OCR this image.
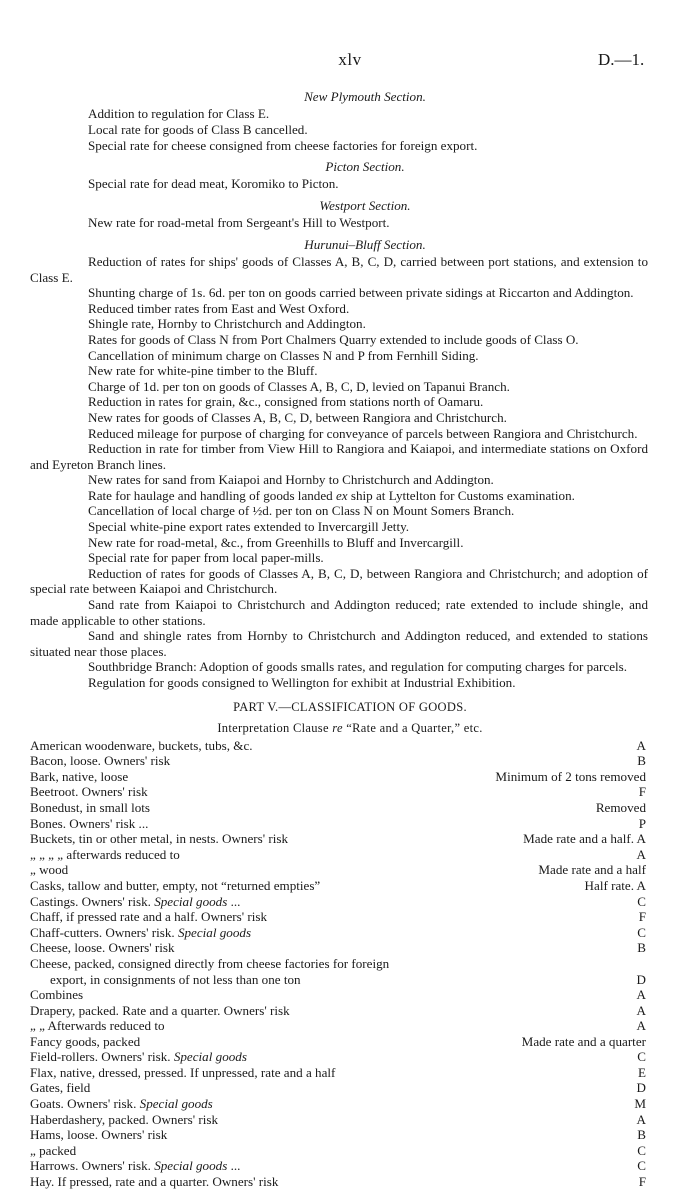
xlv	D.—1.
New Plymouth Section.
Addition to regulation for Class E.
Local rate for goods of Class B cancelled.
Special rate for cheese consigned from cheese factories for foreign export.
Picton Section.
Special rate for dead meat, Koromiko to Picton.
Westport Section.
New rate for road-metal from Sergeant's Hill to Westport.
Hurunui–Bluff Section.
Reduction of rates for ships' goods of Classes A, B, C, D, carried between port stations, and extension to Class E.
Shunting charge of 1s. 6d. per ton on goods carried between private sidings at Riccarton and Addington.
Reduced timber rates from East and West Oxford.
Shingle rate, Hornby to Christchurch and Addington.
Rates for goods of Class N from Port Chalmers Quarry extended to include goods of Class O.
Cancellation of minimum charge on Classes N and P from Fernhill Siding.
New rate for white-pine timber to the Bluff.
Charge of 1d. per ton on goods of Classes A, B, C, D, levied on Tapanui Branch.
Reduction in rates for grain, &c., consigned from stations north of Oamaru.
New rates for goods of Classes A, B, C, D, between Rangiora and Christchurch.
Reduced mileage for purpose of charging for conveyance of parcels between Rangiora and Christchurch.
Reduction in rate for timber from View Hill to Rangiora and Kaiapoi, and intermediate stations on Oxford and Eyreton Branch lines.
New rates for sand from Kaiapoi and Hornby to Christchurch and Addington.
Rate for haulage and handling of goods landed ex ship at Lyttelton for Customs examination.
Cancellation of local charge of ½d. per ton on Class N on Mount Somers Branch.
Special white-pine export rates extended to Invercargill Jetty.
New rate for road-metal, &c., from Greenhills to Bluff and Invercargill.
Special rate for paper from local paper-mills.
Reduction of rates for goods of Classes A, B, C, D, between Rangiora and Christchurch; and adoption of special rate between Kaiapoi and Christchurch.
Sand rate from Kaiapoi to Christchurch and Addington reduced; rate extended to include shingle, and made applicable to other stations.
Sand and shingle rates from Hornby to Christchurch and Addington reduced, and extended to stations situated near those places.
Southbridge Branch: Adoption of goods smalls rates, and regulation for computing charges for parcels.
Regulation for goods consigned to Wellington for exhibit at Industrial Exhibition.
PART V.—CLASSIFICATION OF GOODS.
Interpretation Clause re “Rate and a Quarter,” etc.
American woodenware, buckets, tubs, &c.	A
Bacon, loose. Owners' risk	B
Bark, native, loose	Minimum of 2 tons removed
Beetroot. Owners' risk	F
Bonedust, in small lots	Removed
Bones. Owners' risk ...	P
Buckets, tin or other metal, in nests. Owners' risk	Made rate and a half. A
„ „ „ „ afterwards reduced to	A
„ wood	Made rate and a half
Casks, tallow and butter, empty, not “returned empties”	Half rate. A
Castings. Owners' risk. Special goods ...	C
Chaff, if pressed rate and a half. Owners' risk	F
Chaff-cutters. Owners' risk. Special goods	C
Cheese, loose. Owners' risk	B
Cheese, packed, consigned directly from cheese factories for foreign
export, in consignments of not less than one ton	D
Combines	A
Drapery, packed. Rate and a quarter. Owners' risk	A
„ „ Afterwards reduced to	A
Fancy goods, packed	Made rate and a quarter
Field-rollers. Owners' risk. Special goods	C
Flax, native, dressed, pressed. If unpressed, rate and a half	E
Gates, field	D
Goats. Owners' risk. Special goods	M
Haberdashery, packed. Owners' risk	A
Hams, loose. Owners' risk	B
„ packed	C
Harrows. Owners' risk. Special goods ...	C
Hay. If pressed, rate and a quarter. Owners' risk	F
